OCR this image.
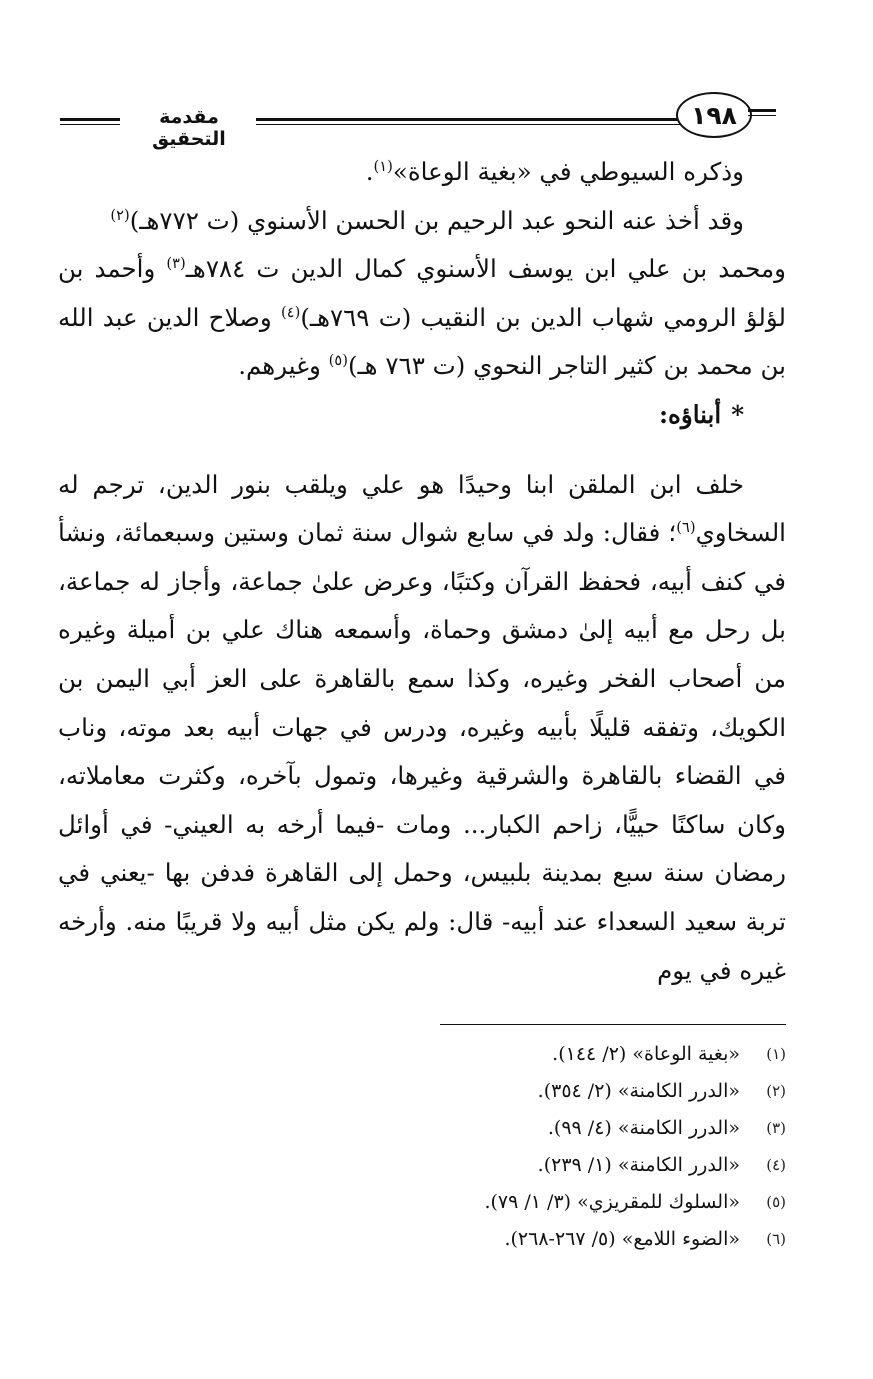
مقدمة التحقيق
١٩٨

وذكره السيوطي في «بغية الوعاة»$^{(١)}$.

وقد أخذ عنه النحو عبد الرحيم بن الحسن الأسنوي (ت ٧٧٢هـ)$^{(٢)}$
ومحمد بن علي ابن يوسف الأسنوي كمال الدين ت ٧٨٤هـ$^{(٣)}$ وأحمد بن لؤلؤ الرومي شهاب الدين بن النقيب (ت ٧٦٩هـ)$^{(٤)}$ وصلاح الدين عبد الله بن محمد بن كثير التاجر النحوي (ت ٧٦٣ هـ)$^{(٥)}$ وغيرهم.

*أبناؤه:

خلف ابن الملقن ابنا وحيدًا هو علي ويلقب بنور الدين، ترجم له السخاوي$^{(٦)}$؛ فقال: ولد في سابع شوال سنة ثمان وستين وسبعمائة، ونشأ في كنف أبيه، فحفظ القرآن وكتبًا، وعرض علىٰ جماعة، وأجاز له جماعة، بل رحل مع أبيه إلىٰ دمشق وحماة، وأسمعه هناك علي بن أميلة وغيره من أصحاب الفخر وغيره، وكذا سمع بالقاهرة على العز أبي اليمن بن الكويك، وتفقه قليلًا بأبيه وغيره، ودرس في جهات أبيه بعد موته، وناب في القضاء بالقاهرة والشرقية وغيرها، وتمول بآخره، وكثرت معاملاته، وكان ساكنًا حييًّا، زاحم الكبار... ومات -فيما أرخه به العيني- في أوائل رمضان سنة سبع بمدينة بلبيس، وحمل إلى القاهرة فدفن بها -يعني في تربة سعيد السعداء عند أبيه- قال: ولم يكن مثل أبيه ولا قريبًا منه. وأرخه غيره في يوم

(١)
«بغية الوعاة» (٢/ ١٤٤).
(٢)
«الدرر الكامنة» (٢/ ٣٥٤).
(٣)
«الدرر الكامنة» (٤/ ٩٩).
(٤)
«الدرر الكامنة» (١/ ٢٣٩).
(٥)
«السلوك للمقريزي» (٣/ ١/ ٧٩).
(٦)
«الضوء اللامع» (٥/ ٢٦٧-٢٦٨).
